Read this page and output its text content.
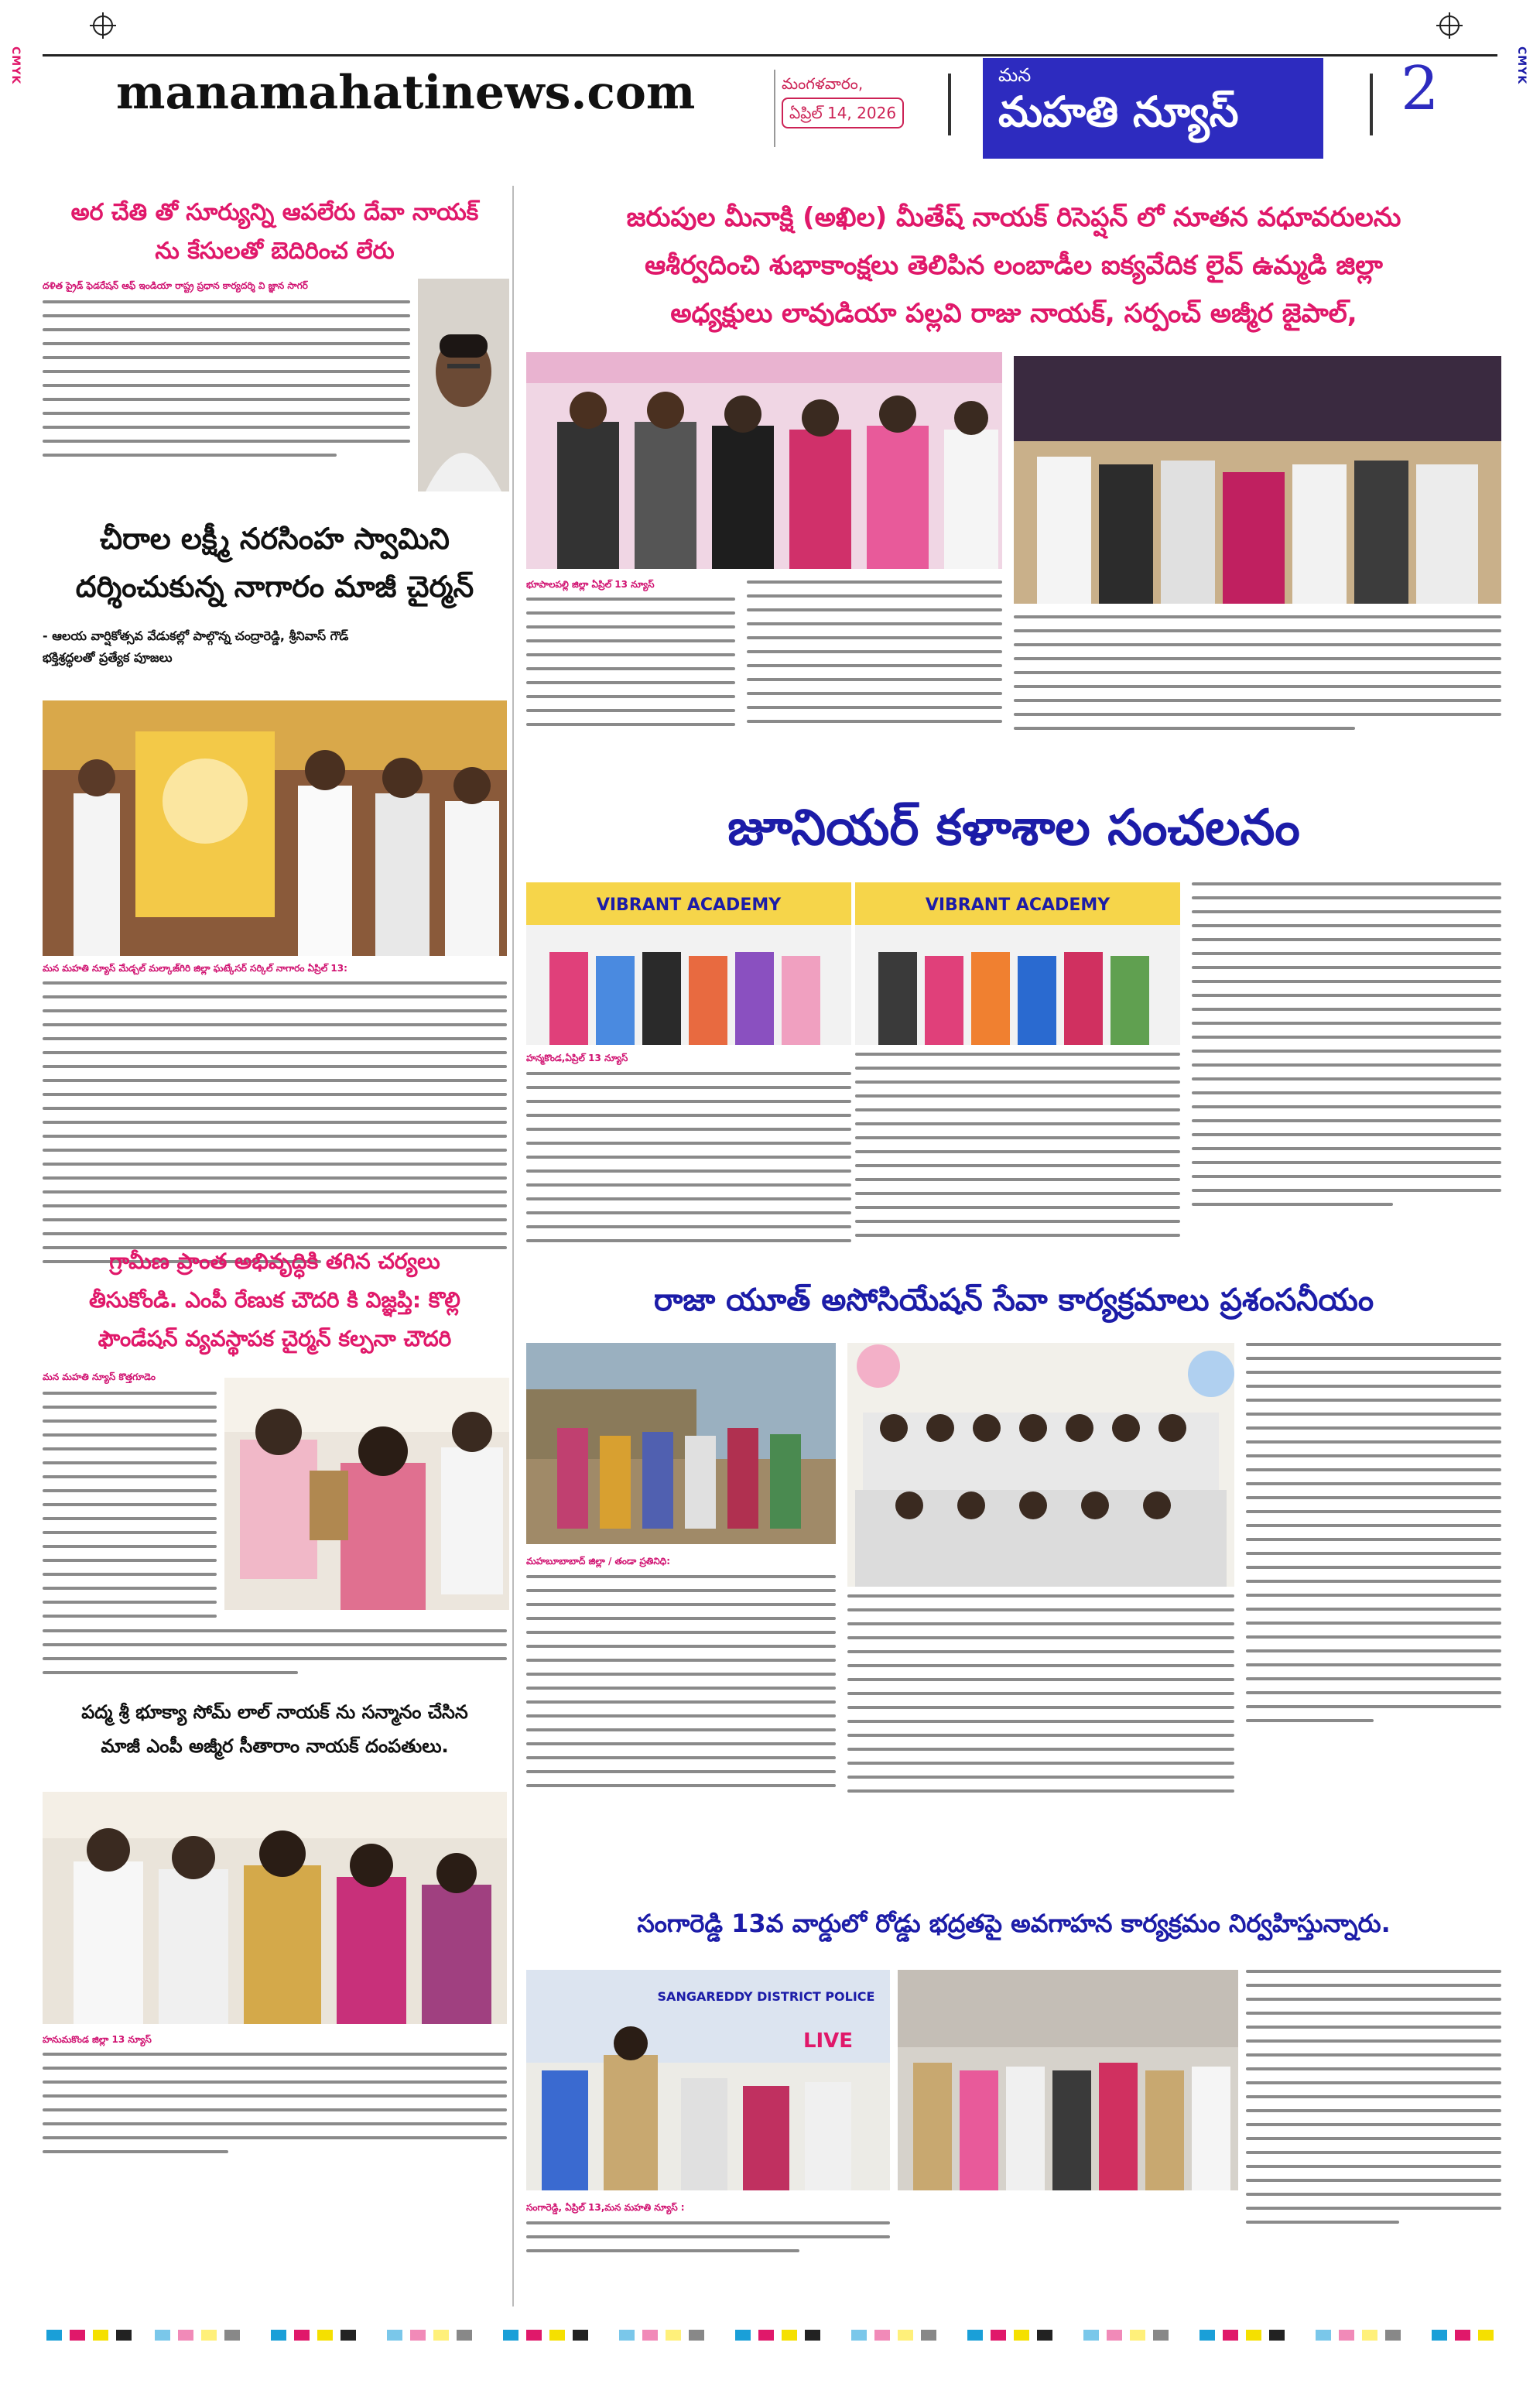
CMYK	CMYK
manamahatinews.com	మంగళవారం,
ఏప్రిల్ 14, 2026
మన
మహతి న్యూస్	2
అర చేతి తో సూర్యున్ని ఆపలేరు దేవా నాయక్
ను కేసులతో బెదిరించ లేరు
దళిత ప్రైడ్ ఫెడరేషన్ ఆఫ్ ఇండియా రాష్ట్ర ప్రధాన కార్యదర్శి వి జ్ఞాన సాగర్
చీరాల లక్ష్మీ నరసింహ స్వామిని
దర్శించుకున్న నాగారం మాజీ చైర్మన్
- ఆలయ వార్షికోత్సవ వేడుకల్లో పాల్గొన్న చంద్రారెడ్డి, శ్రీనివాస్ గౌడ్
భక్తిశ్రద్ధలతో ప్రత్యేక పూజలు
మన మహతి న్యూస్ మేడ్చల్ మల్కాజ్‌గిరి జిల్లా ఘట్కేసర్ సర్కిల్ నాగారం ఏప్రిల్ 13:
గ్రామీణ ప్రాంత అభివృద్ధికి తగిన చర్యలు
తీసుకోండి. ఎంపీ రేణుక చౌదరి కి విజ్ఞప్తి: కొల్లి
ఫౌండేషన్ వ్యవస్థాపక చైర్మన్ కల్పనా చౌదరి
మన మహతి న్యూస్ కొత్తగూడెం
పద్మ శ్రీ భూక్యా సోమ్ లాల్ నాయక్ ను సన్మానం చేసిన
మాజీ ఎంపీ అజ్మీర సీతారాం నాయక్ దంపతులు.
హనుమకొండ జిల్లా 13 న్యూస్
జరుపుల మీనాక్షి (అఖిల) మీతేష్ నాయక్ రిసెప్షన్ లో నూతన వధూవరులను
ఆశీర్వదించి శుభాకాంక్షలు తెలిపిన లంబాడీల ఐక్యవేదిక లైవ్ ఉమ్మడి జిల్లా
అధ్యక్షులు లావుడియా పల్లవి రాజు నాయక్, సర్పంచ్ అజ్మీర జైపాల్,
భూపాలపల్లి జిల్లా ఏప్రిల్ 13 న్యూస్
జూనియర్ కళాశాల సంచలనం
VIBRANT ACADEMY	VIBRANT ACADEMY
హన్మకొండ,ఏప్రిల్ 13 న్యూస్
రాజా యూత్ అసోసియేషన్ సేవా కార్యక్రమాలు ప్రశంసనీయం
మహబూబాబాద్ జిల్లా / తండా ప్రతినిధి:
సంగారెడ్డి 13వ వార్డులో రోడ్డు భద్రతపై అవగాహన కార్యక్రమం నిర్వహిస్తున్నారు.
SANGAREDDY DISTRICT POLICE
LIVE
సంగారెడ్డి, ఏప్రిల్ 13,మన మహతి న్యూస్ :
